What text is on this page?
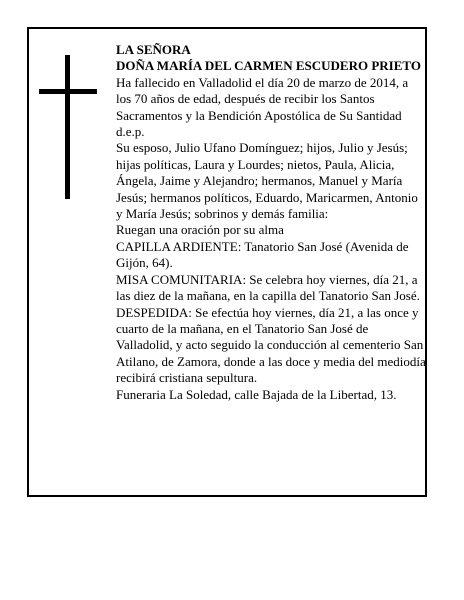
LA SEÑORA

DOÑA MARÍA DEL CARMEN ESCUDERO PRIETO

Ha fallecido en Valladolid el día 20 de marzo de 2014, a los 70 años de edad, después de recibir los Santos Sacramentos y la Bendición Apostólica de Su Santidad d.e.p.

Su esposo, Julio Ufano Domínguez; hijos, Julio y Jesús; hijas políticas, Laura y Lourdes; nietos, Paula, Alicia, Ángela, Jaime y Alejandro; hermanos, Manuel y María Jesús; hermanos políticos, Eduardo, Maricarmen, Antonio y María Jesús; sobrinos y demás familia:

Ruegan una oración por su alma

CAPILLA ARDIENTE: Tanatorio San José (Avenida de Gijón, 64).

MISA COMUNITARIA: Se celebra hoy viernes, día 21, a las diez de la mañana, en la capilla del Tanatorio San José.

DESPEDIDA: Se efectúa hoy viernes, día 21, a las once y cuarto de la mañana, en el Tanatorio San José de Valladolid, y acto seguido la conducción al cementerio San Atilano, de Zamora, donde a las doce y media del mediodía recibirá cristiana sepultura.

Funeraria La Soledad, calle Bajada de la Libertad, 13.
